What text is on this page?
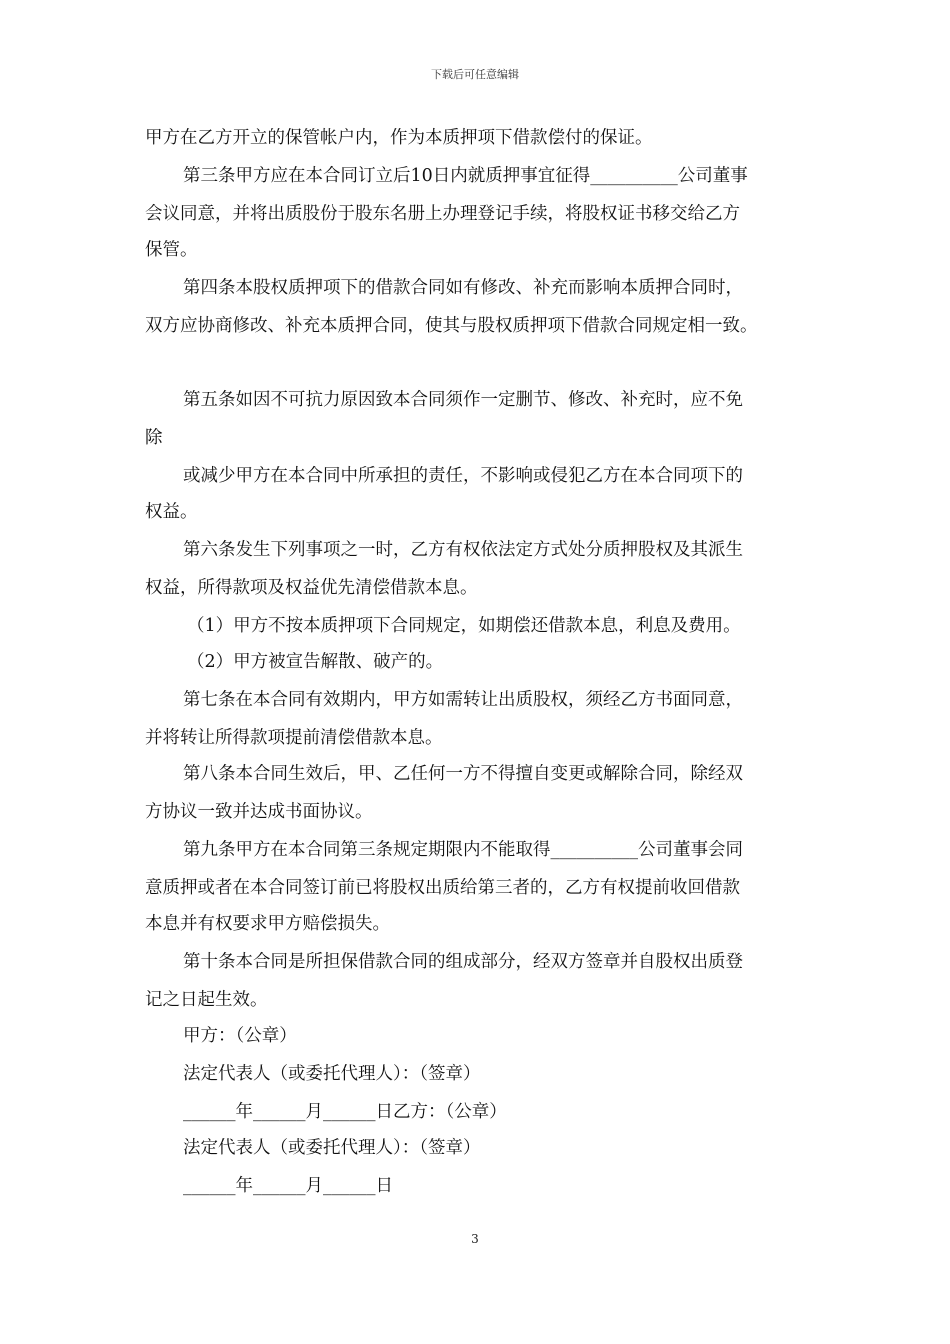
下载后可任意编辑
甲方在乙方开立的保管帐户内，作为本质押项下借款偿付的保证。
第三条甲方应在本合同订立后10日内就质押事宜征得__________公司董事
会议同意，并将出质股份于股东名册上办理登记手续，将股权证书移交给乙方
保管。
第四条本股权质押项下的借款合同如有修改、补充而影响本质押合同时，
双方应协商修改、补充本质押合同，使其与股权质押项下借款合同规定相一致。
第五条如因不可抗力原因致本合同须作一定删节、修改、补充时，应不免
除
或减少甲方在本合同中所承担的责任，不影响或侵犯乙方在本合同项下的
权益。
第六条发生下列事项之一时，乙方有权依法定方式处分质押股权及其派生
权益，所得款项及权益优先清偿借款本息。
（1）甲方不按本质押项下合同规定，如期偿还借款本息，利息及费用。
（2）甲方被宣告解散、破产的。
第七条在本合同有效期内，甲方如需转让出质股权，须经乙方书面同意，
并将转让所得款项提前清偿借款本息。
第八条本合同生效后，甲、乙任何一方不得擅自变更或解除合同，除经双
方协议一致并达成书面协议。
第九条甲方在本合同第三条规定期限内不能取得__________公司董事会同
意质押或者在本合同签订前已将股权出质给第三者的，乙方有权提前收回借款
本息并有权要求甲方赔偿损失。
第十条本合同是所担保借款合同的组成部分，经双方签章并自股权出质登
记之日起生效。
甲方：（公章）
法定代表人（或委托代理人）：（签章）
______年______月______日乙方：（公章）
法定代表人（或委托代理人）：（签章）
______年______月______日
3
